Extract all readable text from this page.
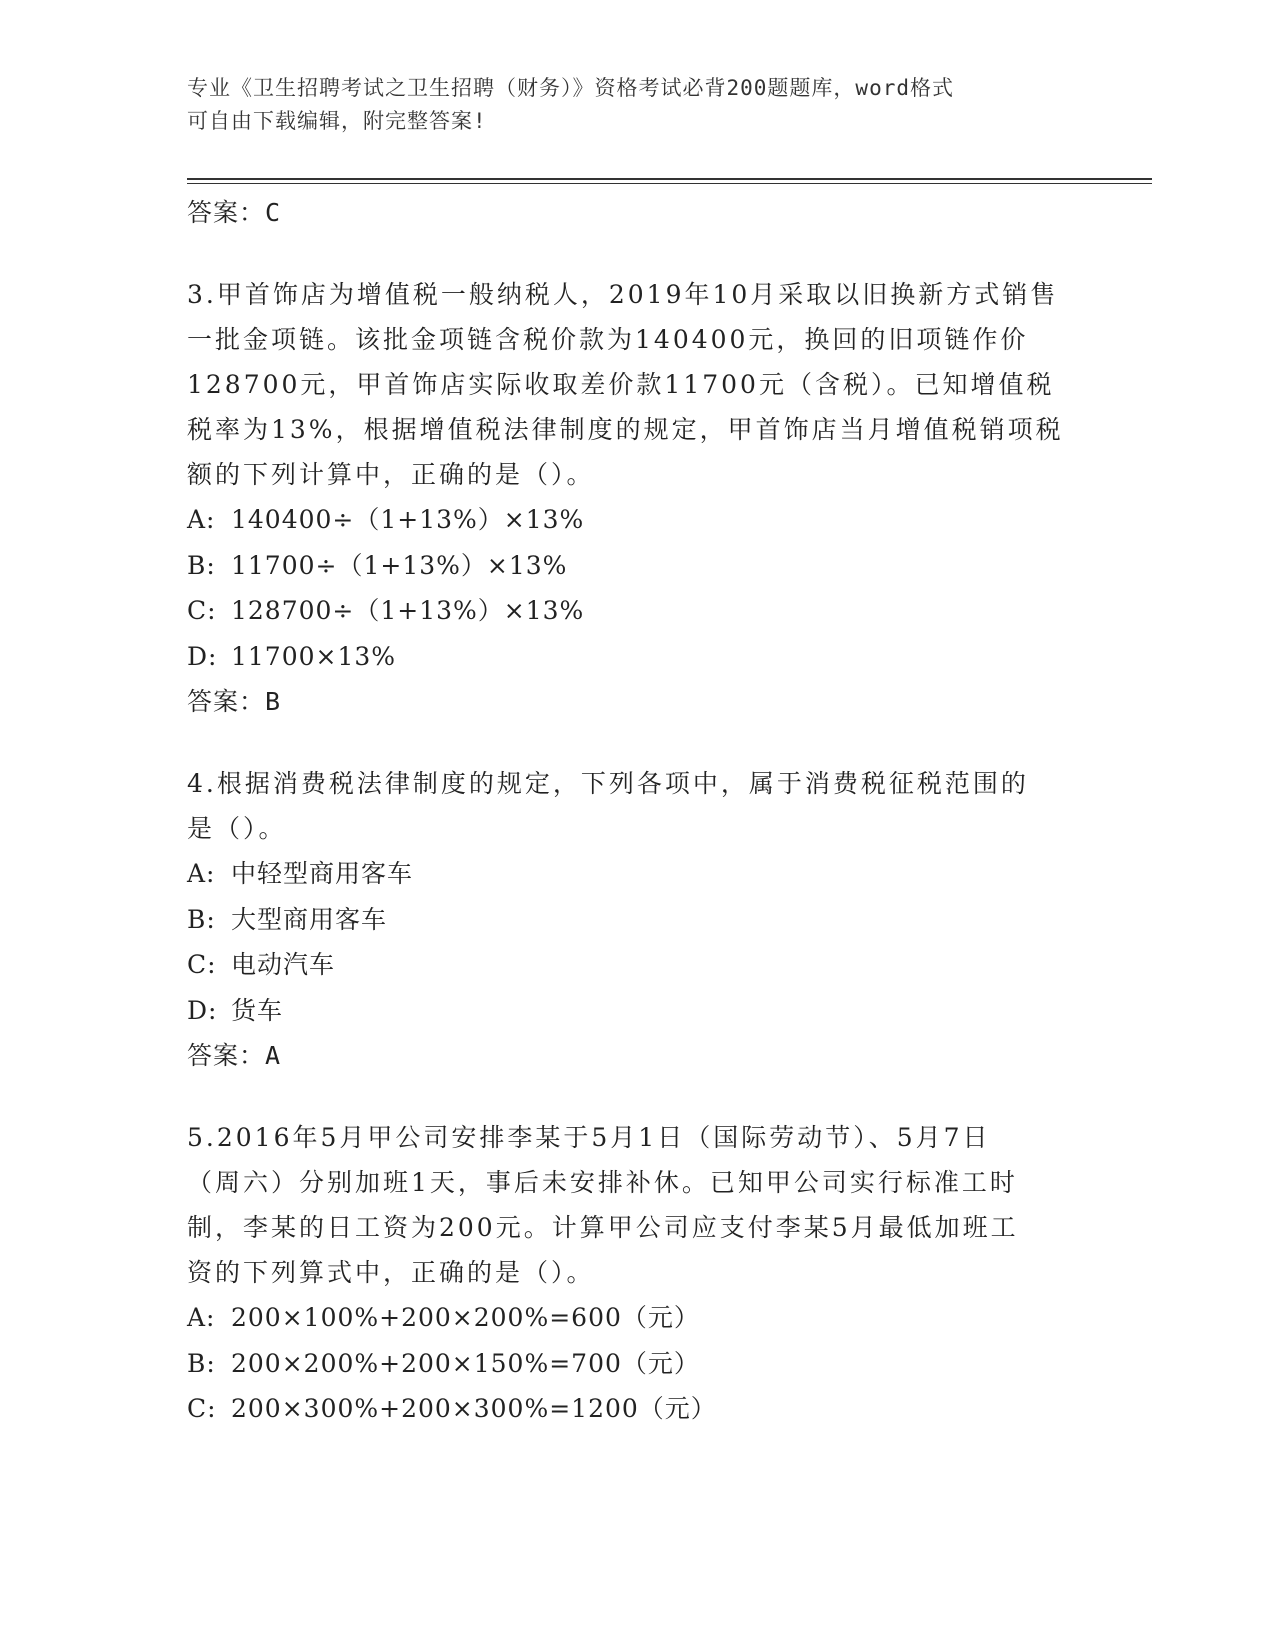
专业《卫生招聘考试之卫生招聘（财务）》资格考试必背200题题库，word格式
可自由下载编辑，附完整答案!
答案：C
3.甲首饰店为增值税一般纳税人，2019年10月采取以旧换新方式销售
一批金项链。该批金项链含税价款为140400元，换回的旧项链作价
128700元，甲首饰店实际收取差价款11700元（含税）。已知增值税
税率为13%，根据增值税法律制度的规定，甲首饰店当月增值税销项税
额的下列计算中，正确的是（）。
A: 140400÷（1+13%）×13%
B: 11700÷（1+13%）×13%
C: 128700÷（1+13%）×13%
D: 11700×13%
答案：B
4.根据消费税法律制度的规定，下列各项中，属于消费税征税范围的
是（）。
A: 中轻型商用客车
B: 大型商用客车
C: 电动汽车
D: 货车
答案：A
5.2016年5月甲公司安排李某于5月1日（国际劳动节）、5月7日
（周六）分别加班1天，事后未安排补休。已知甲公司实行标准工时
制，李某的日工资为200元。计算甲公司应支付李某5月最低加班工
资的下列算式中，正确的是（）。
A: 200×100%+200×200%=600（元）
B: 200×200%+200×150%=700（元）
C: 200×300%+200×300%=1200（元）
